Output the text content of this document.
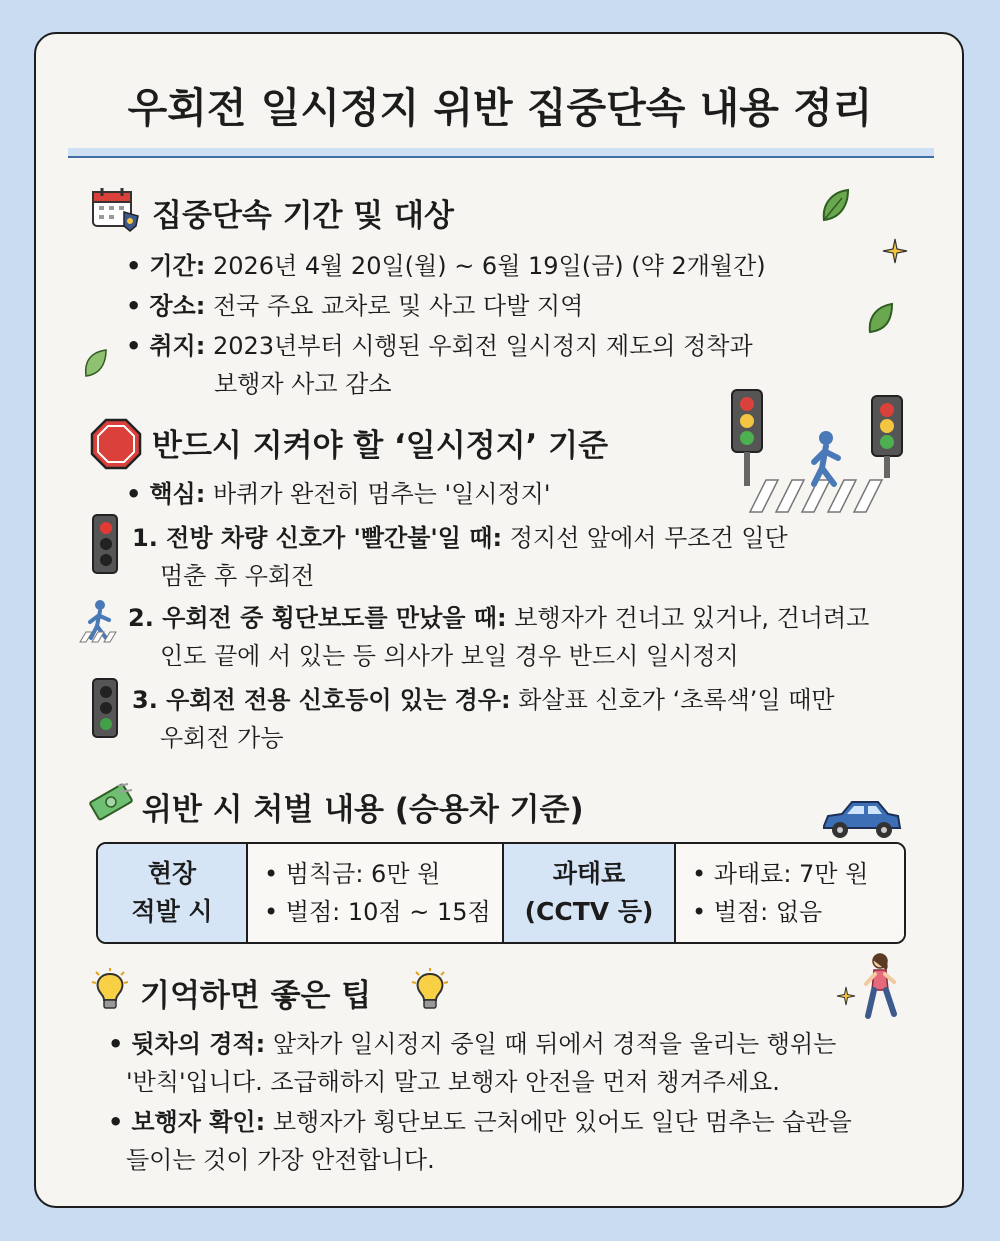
우회전 일시정지 위반 집중단속 내용 정리
집중단속 기간 및 대상
• 기간: 2026년 4월 20일(월) ~ 6월 19일(금) (약 2개월간)
• 장소: 전국 주요 교차로 및 사고 다발 지역
• 취지: 2023년부터 시행된 우회전 일시정지 제도의 정착과
보행자 사고 감소
반드시 지켜야 할 ‘일시정지’ 기준
• 핵심: 바퀴가 완전히 멈추는 '일시정지'
1. 전방 차량 신호가 '빨간불'일 때: 정지선 앞에서 무조건 일단
멈춘 후 우회전
2. 우회전 중 횡단보도를 만났을 때: 보행자가 건너고 있거나, 건너려고
인도 끝에 서 있는 등 의사가 보일 경우 반드시 일시정지
3. 우회전 전용 신호등이 있는 경우: 화살표 신호가 ‘초록색’일 때만
우회전 가능
위반 시 처벌 내용 (승용차 기준)
현장
적발 시
• 범칙금: 6만 원
• 벌점: 10점 ~ 15점
과태료
(CCTV 등)
• 과태료: 7만 원
• 벌점: 없음
기억하면 좋은 팁
• 뒷차의 경적: 앞차가 일시정지 중일 때 뒤에서 경적을 울리는 행위는
'반칙'입니다. 조급해하지 말고 보행자 안전을 먼저 챙겨주세요.
• 보행자 확인: 보행자가 횡단보도 근처에만 있어도 일단 멈추는 습관을
들이는 것이 가장 안전합니다.
